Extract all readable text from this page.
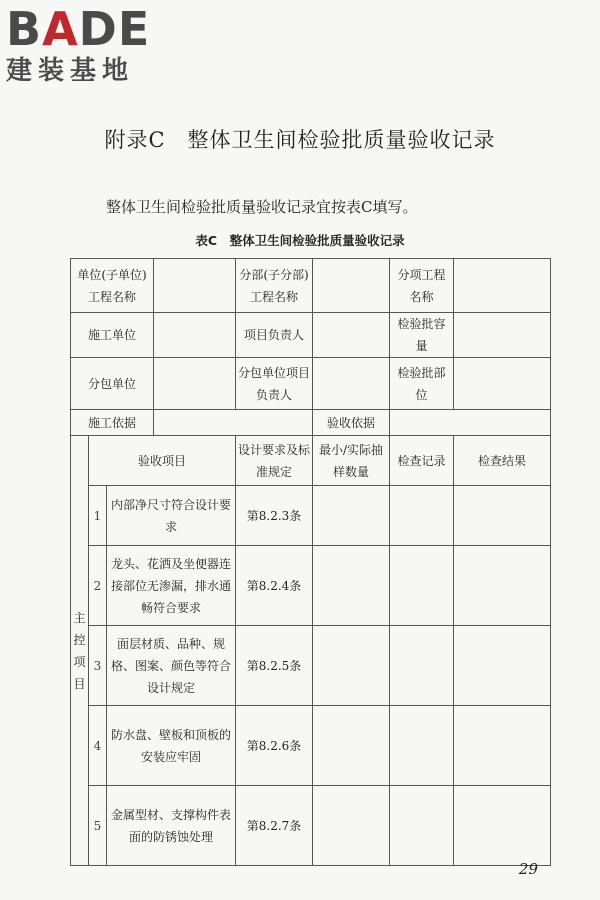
BADE
建装基地
附录C　整体卫生间检验批质量验收记录
整体卫生间检验批质量验收记录宜按表C填写。
表C　整体卫生间检验批质量验收记录
单位(子单位)工程名称				分部(子分部)工程名称		分项工程名称	
施工单位				项目负责人		检验批容量	
分包单位				分包单位项目负责人		检验批部位	
施工依据					验收依据		
主控项目	验收项目			设计要求及标准规定	最小/实际抽样数量	检查记录	检查结果
	1	内部净尺寸符合设计要求		第8.2.3条			
	2	龙头、花洒及坐便器连接部位无渗漏，排水通畅符合要求		第8.2.4条			
	3	面层材质、品种、规格、图案、颜色等符合设计规定		第8.2.5条			
	4	防水盘、壁板和顶板的安装应牢固		第8.2.6条			
	5	金属型材、支撑构件表面的防锈蚀处理		第8.2.7条			
29
